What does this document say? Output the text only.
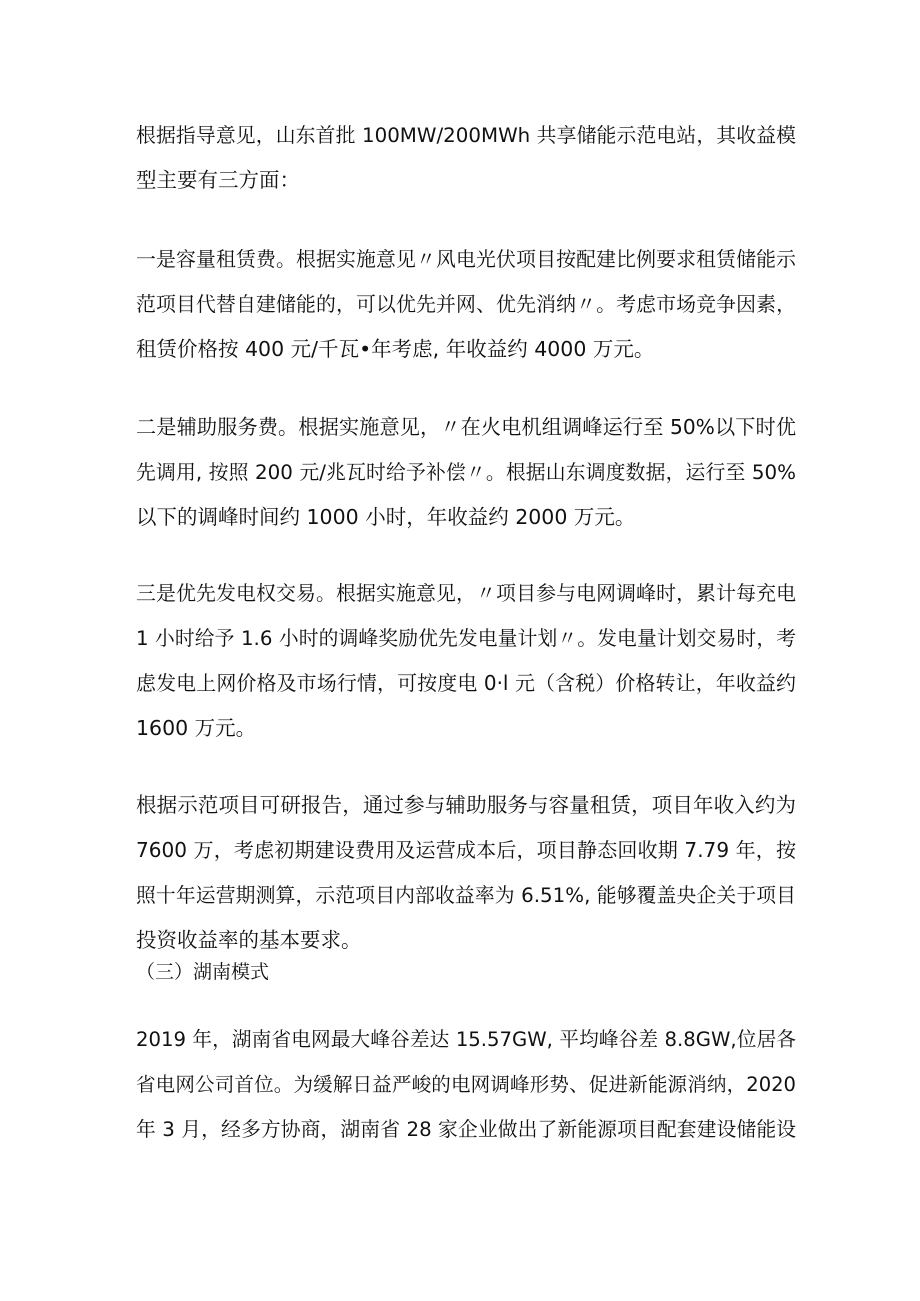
根据指导意见，山东首批 100MW/200MWh 共享储能示范电站，其收益模
型主要有三方面：

一是容量租赁费。根据实施意见〃风电光伏项目按配建比例要求租赁储能示
范项目代替自建储能的，可以优先并网、优先消纳〃。考虑市场竞争因素，
租赁价格按 400 元/千瓦•年考虑, 年收益约 4000 万元。

二是辅助服务费。根据实施意见，〃在火电机组调峰运行至 50%以下时优
先调用, 按照 200 元/兆瓦时给予补偿〃。根据山东调度数据，运行至 50%
以下的调峰时间约 1000 小时，年收益约 2000 万元。

三是优先发电权交易。根据实施意见，〃项目参与电网调峰时，累计每充电
1 小时给予 1.6 小时的调峰奖励优先发电量计划〃。发电量计划交易时，考
虑发电上网价格及市场行情，可按度电 0·l 元（含税）价格转让，年收益约
1600 万元。

根据示范项目可研报告，通过参与辅助服务与容量租赁，项目年收入约为
7600 万，考虑初期建设费用及运营成本后，项目静态回收期 7.79 年，按
照十年运营期测算，示范项目内部收益率为 6.51%, 能够覆盖央企关于项目
投资收益率的基本要求。

（三）湖南模式

2019 年，湖南省电网最大峰谷差达 15.57GW, 平均峰谷差 8.8GW,位居各
省电网公司首位。为缓解日益严峻的电网调峰形势、促进新能源消纳，2020
年 3 月，经多方协商，湖南省 28 家企业做出了新能源项目配套建设储能设
